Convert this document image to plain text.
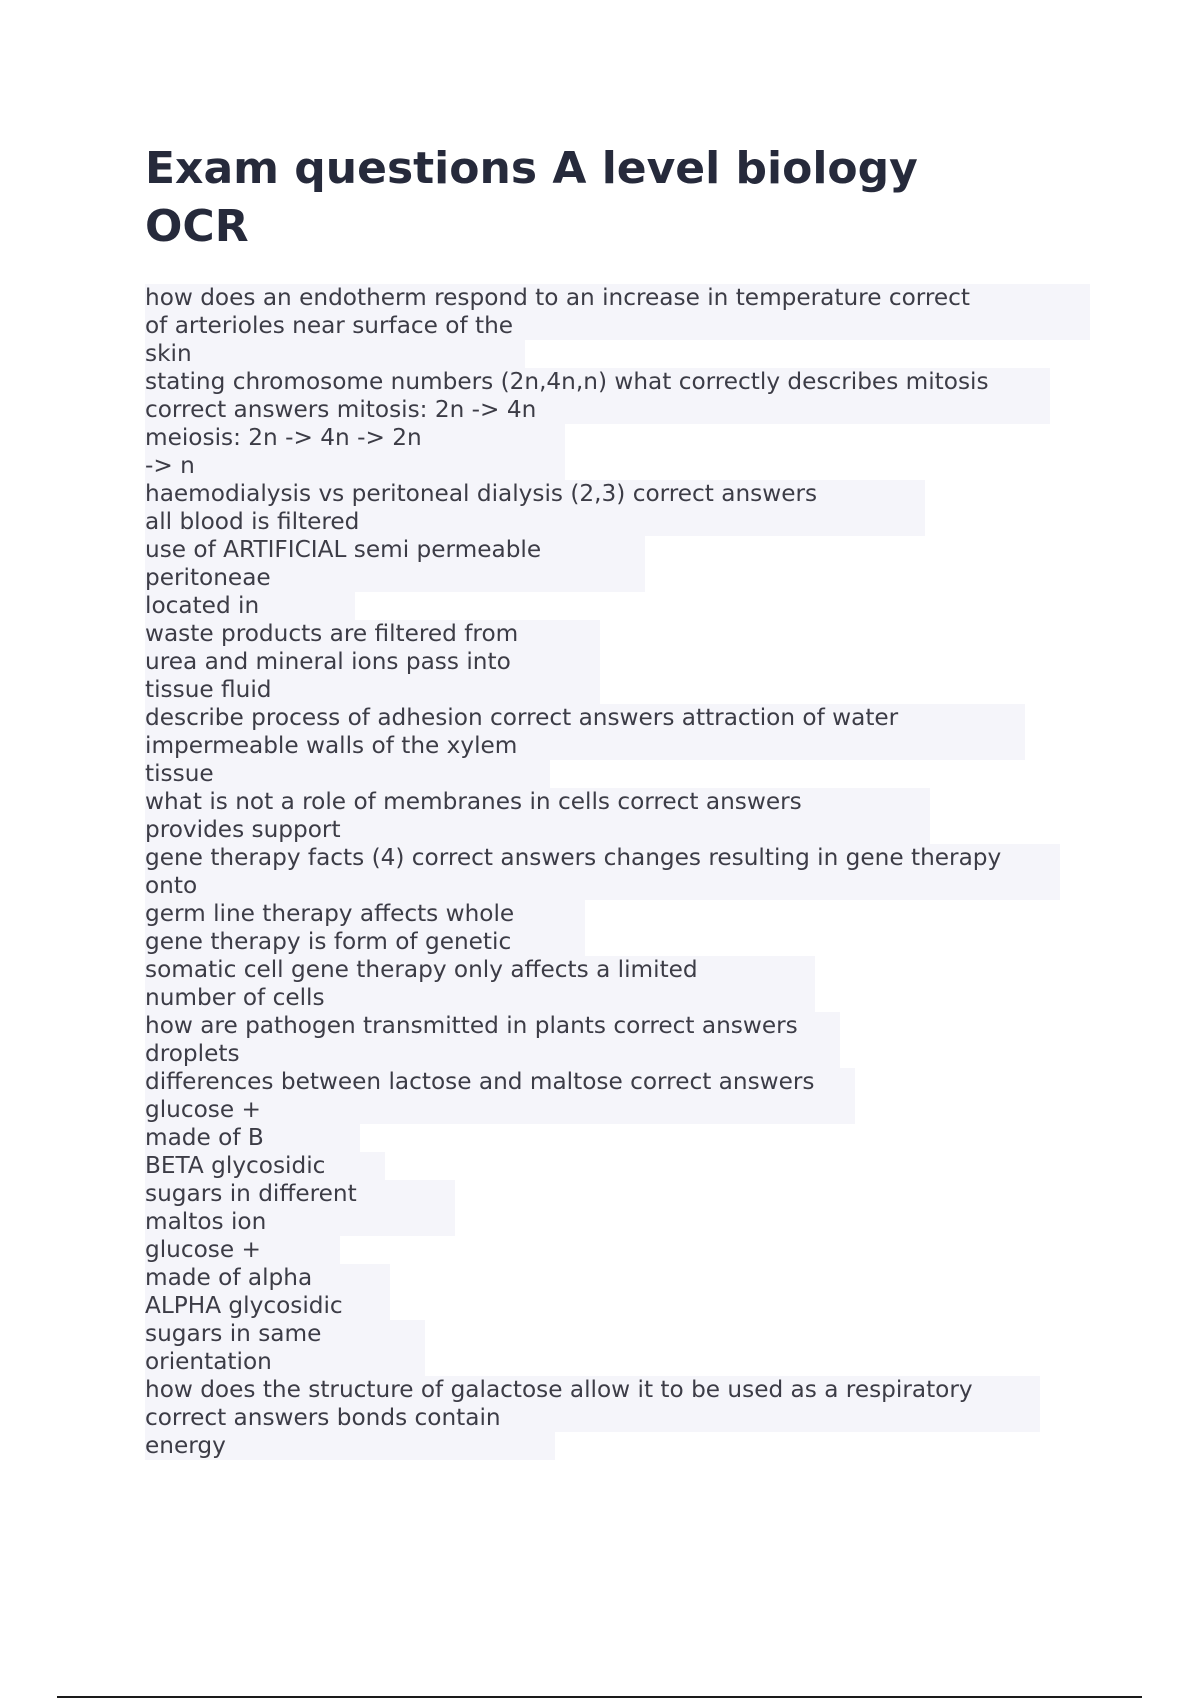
Exam questions A level biology
OCR
how does an endotherm respond to an increase in temperature correct
of arterioles near surface of the
skin
stating chromosome numbers (2n,4n,n) what correctly describes mitosis
correct answers mitosis: 2n -> 4n
meiosis: 2n -> 4n -> 2n
-> n
haemodialysis vs peritoneal dialysis (2,3) correct answers
all blood is filtered
use of ARTIFICIAL semi permeable
peritoneae
located in
waste products are filtered from
urea and mineral ions pass into
tissue fluid
describe process of adhesion correct answers attraction of water
impermeable walls of the xylem
tissue
what is not a role of membranes in cells correct answers
provides support
gene therapy facts (4) correct answers changes resulting in gene therapy
onto
germ line therapy affects whole
gene therapy is form of genetic
somatic cell gene therapy only affects a limited
number of cells
how are pathogen transmitted in plants correct answers
droplets
differences between lactose and maltose correct answers
glucose +
made of B
BETA glycosidic
sugars in different
maltos ion
glucose +
made of alpha
ALPHA glycosidic
sugars in same
orientation
how does the structure of galactose allow it to be used as a respiratory
correct answers bonds contain
energy
